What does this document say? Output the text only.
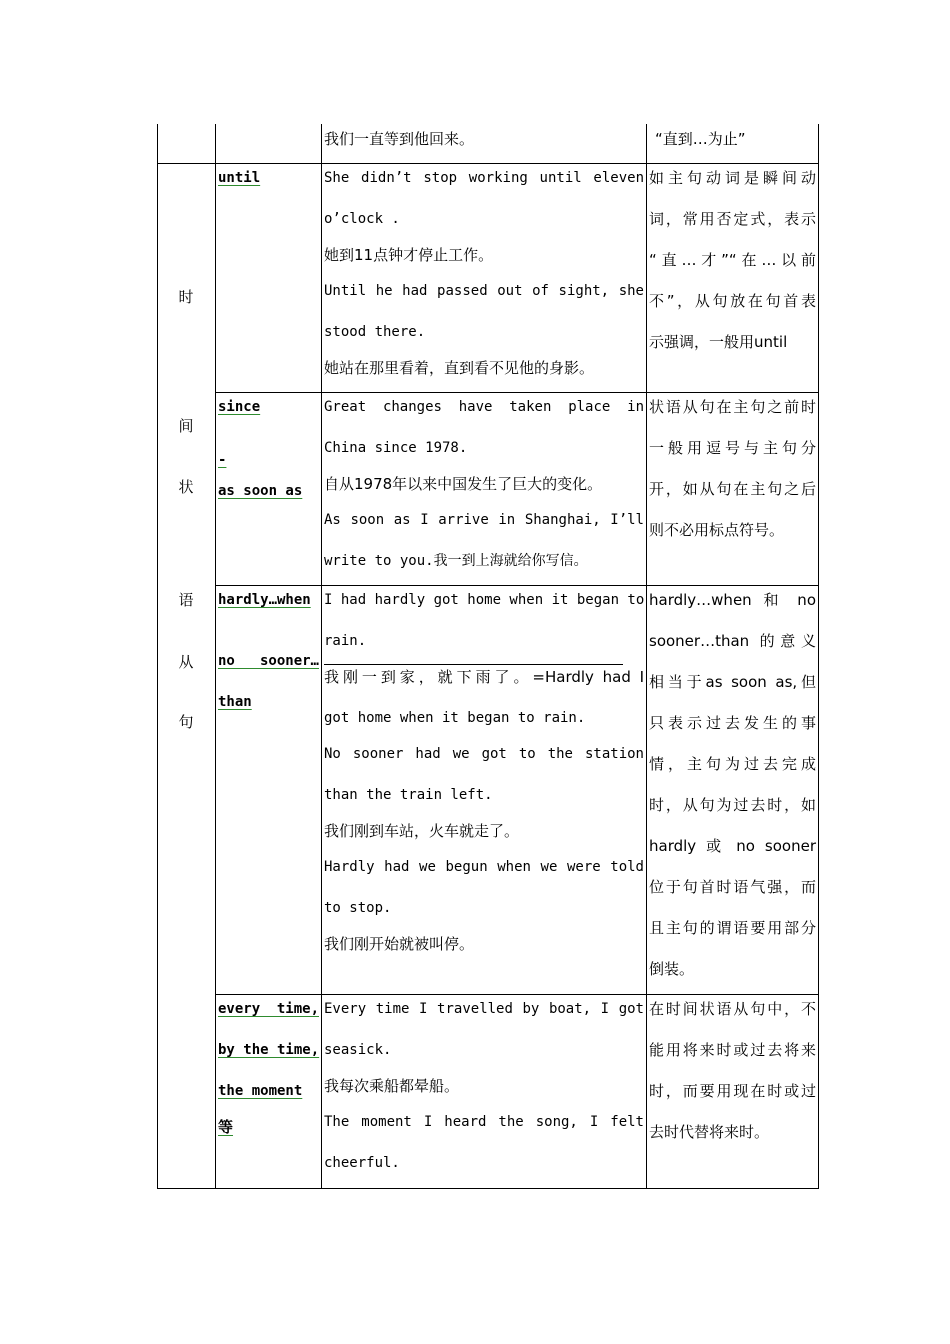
我们一直等到他回来。	“直到…为止”
时
间
状
语
从
句
until	She didn’t stop working until eleven
o’clock .
她到11点钟才停止工作。
Until he had passed out of sight, she
stood there.
她站在那里看着，直到看不见他的身影。
如主句动词是瞬间动
词，常用否定式，表示
“直…才”“在…以前
不”，从句放在句首表
示强调，一般用until
since
-
as soon as
Great changes have taken place in
China since 1978.
自从1978年以来中国发生了巨大的变化。
As soon as I arrive in Shanghai, I’ll
write to you.我一到上海就给你写信。
状语从句在主句之前时
一般用逗号与主句分
开，如从句在主句之后
则不必用标点符号。
hardly…when
no sooner…
than
I had hardly got home when it began to
rain.
我刚一到家，就下雨了。=Hardly had I
got home when it began to rain.
No sooner had we got to the station
than the train left.
我们刚到车站，火车就走了。
Hardly had we begun when we were told
to stop.
我们刚开始就被叫停。
hardly…when 和 no
sooner…than 的意义
相当于as soon as,但
只表示过去发生的事
情，主句为过去完成
时，从句为过去时，如
hardly 或 no sooner
位于句首时语气强，而
且主句的谓语要用部分
倒装。
every time,
by the time,
the moment
等
Every time I travelled by boat, I got
seasick.
我每次乘船都晕船。
The moment I heard the song, I felt
cheerful.
在时间状语从句中，不
能用将来时或过去将来
时，而要用现在时或过
去时代替将来时。
